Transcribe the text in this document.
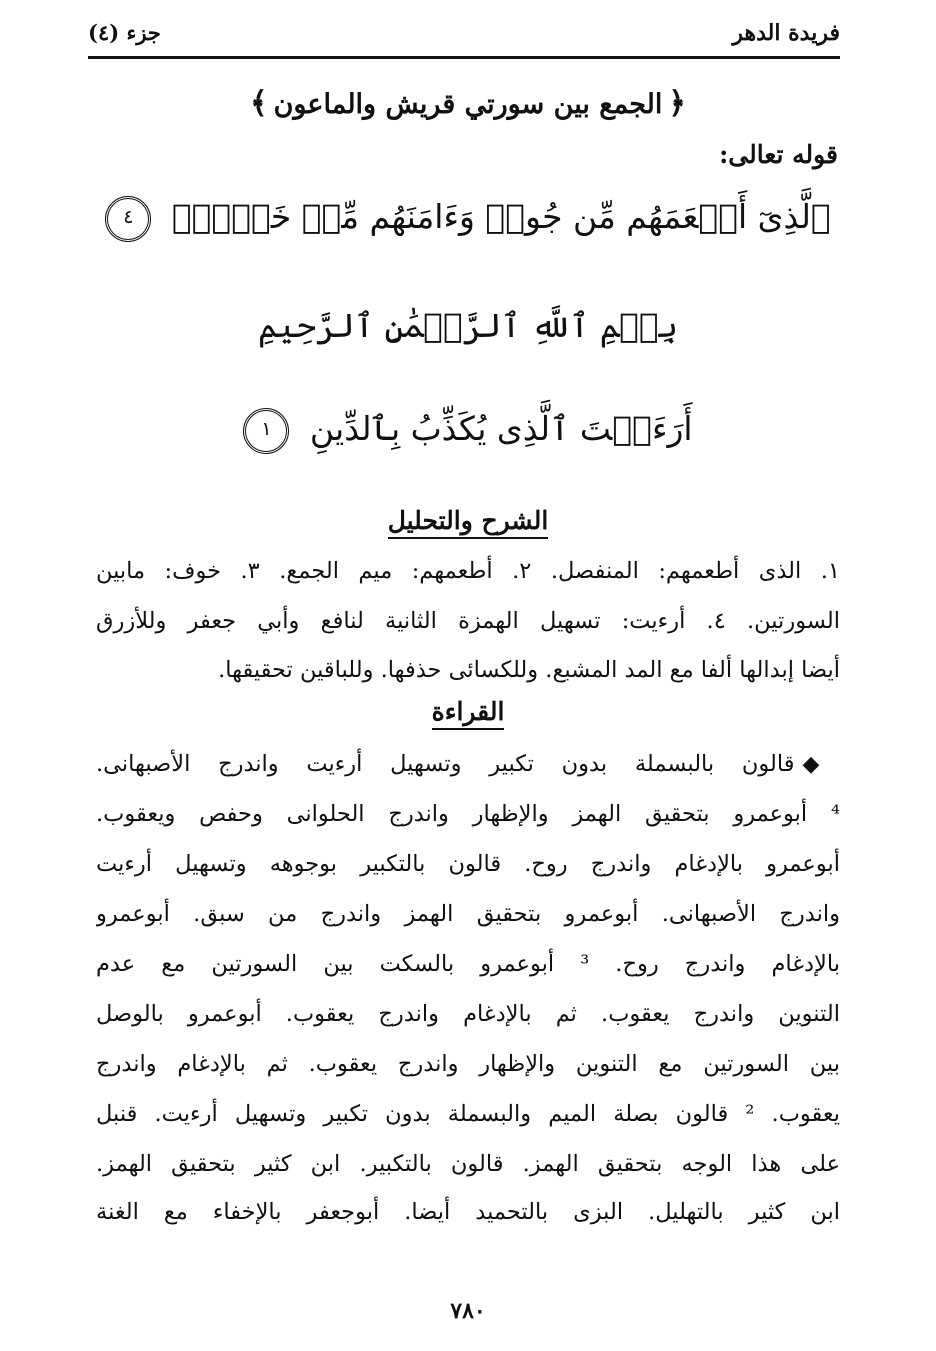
فريدة الدهر
جزء (٤)
﴿الجمع بين سورتي قريش والماعون﴾
قوله تعالى:
ٱلَّذِىٓ أَطۡعَمَهُم مِّن جُوعٖ وَءَامَنَهُم مِّنۡ خَوۡفِۭ ٤
بِسۡمِ ٱللَّهِ ٱلرَّحۡمَٰنِ ٱلرَّحِيمِ
أَرَءَيۡتَ ٱلَّذِى يُكَذِّبُ بِٱلدِّينِ ١
الشرح والتحليل
١. الذى أطعمهم: المنفصل. ٢. أطعمهم: ميم الجمع. ٣. خوف: مابين
السورتين. ٤. أرءيت: تسهيل الهمزة الثانية لنافع وأبي جعفر وللأزرق
أيضا إبدالها ألفا مع المد المشبع. وللكسائى حذفها. وللباقين تحقيقها.
القراءة
◆قالون بالبسملة بدون تكبير وتسهيل أرءيت واندرج الأصبهانى.
⁴ أبوعمرو بتحقيق الهمز والإظهار واندرج الحلوانى وحفص ويعقوب.
أبوعمرو بالإدغام واندرج روح. قالون بالتكبير بوجوهه وتسهيل أرءيت
واندرج الأصبهانى. أبوعمرو بتحقيق الهمز واندرج من سبق. أبوعمرو
بالإدغام واندرج روح. ³ أبوعمرو بالسكت بين السورتين مع عدم
التنوين واندرج يعقوب. ثم بالإدغام واندرج يعقوب. أبوعمرو بالوصل
بين السورتين مع التنوين والإظهار واندرج يعقوب. ثم بالإدغام واندرج
يعقوب. ² قالون بصلة الميم والبسملة بدون تكبير وتسهيل أرءيت. قنبل
على هذا الوجه بتحقيق الهمز. قالون بالتكبير. ابن كثير بتحقيق الهمز.
ابن كثير بالتهليل. البزى بالتحميد أيضا. أبوجعفر بالإخفاء مع الغنة
٧٨٠
